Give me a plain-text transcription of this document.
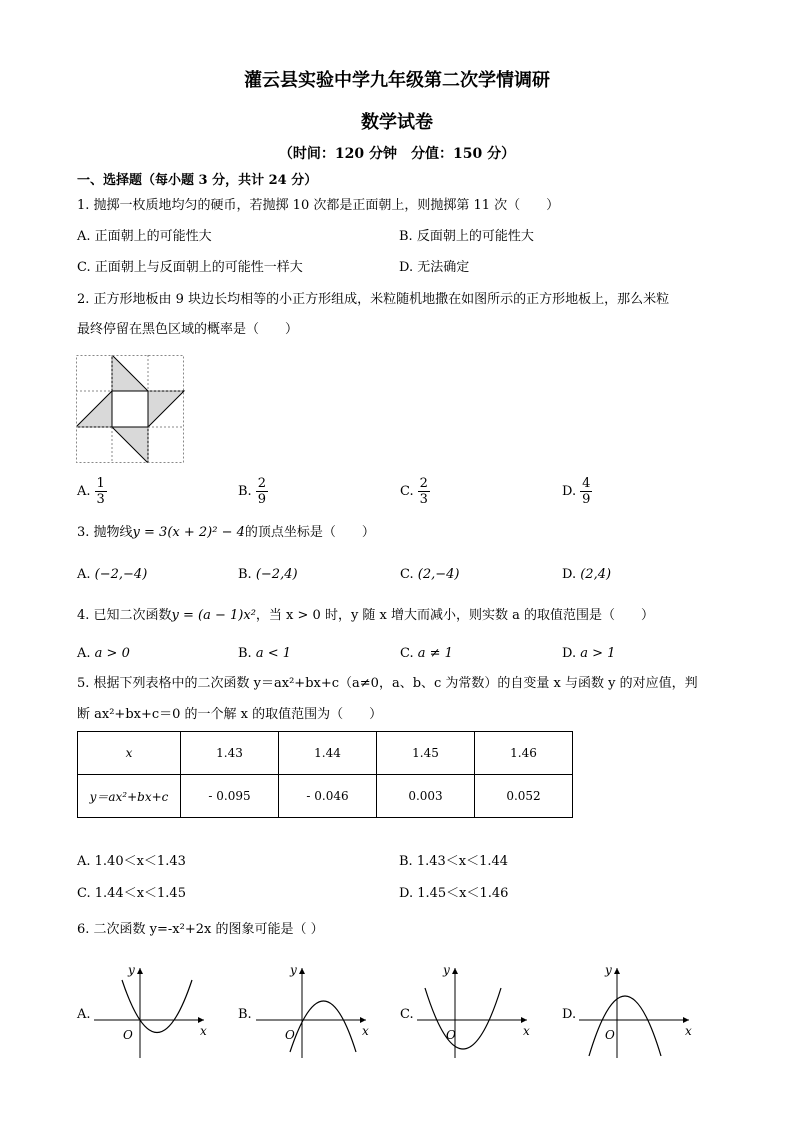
灌云县实验中学九年级第二次学情调研
数学试卷
（时间：120 分钟　分值：150 分）
一、选择题（每小题 3 分，共计 24 分）
1. 抛掷一枚质地均匀的硬币，若抛掷 10 次都是正面朝上，则抛掷第 11 次（　　）
A. 正面朝上的可能性大	B. 反面朝上的可能性大
C. 正面朝上与反面朝上的可能性一样大	D. 无法确定
2. 正方形地板由 9 块边长均相等的小正方形组成，米粒随机地撒在如图所示的正方形地板上，那么米粒
最终停留在黑色区域的概率是（　　）
A. $\frac{1}{3}$	B. $\frac{2}{9}$	C. $\frac{2}{3}$	D. $\frac{4}{9}$
3. 抛物线y = 3(x + 2)² − 4的顶点坐标是（　　）
A. (−2,−4)	B. (−2,4)	C. (2,−4)	D. (2,4)
4. 已知二次函数y = (a − 1)x²，当 x > 0 时，y 随 x 增大而减小，则实数 a 的取值范围是（　　）
A. a > 0	B. a < 1	C. a ≠ 1	D. a > 1
5. 根据下列表格中的二次函数 y＝ax²+bx+c（a≠0，a、b、c 为常数）的自变量 x 与函数 y 的对应值，判
断 ax²+bx+c＝0 的一个解 x 的取值范围为（　　）
x	1.43	1.44	1.45	1.46
y＝ax²+bx+c	- 0.095	- 0.046	0.003	0.052
A. 1.40＜x＜1.43	B. 1.43＜x＜1.44
C. 1.44＜x＜1.45	D. 1.45＜x＜1.46
6. 二次函数 y=-x²+2x 的图象可能是（ ）
A.
y
x
O
B.
y
x
O
C.
y
x
O
D.
y
x
O
